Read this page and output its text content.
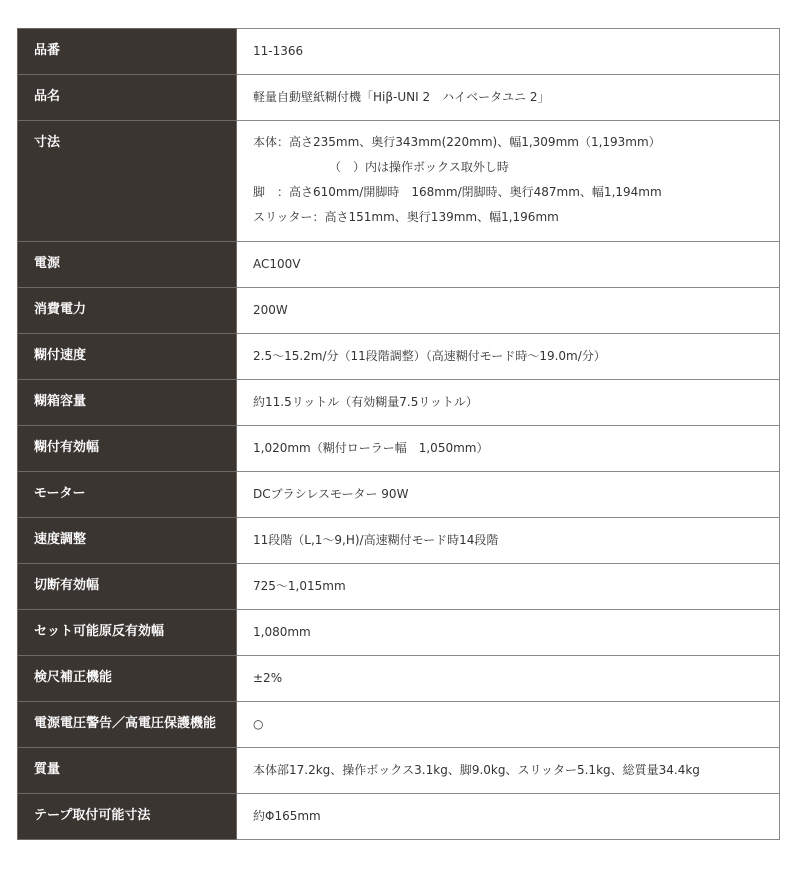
品番	11-1366

品名	軽量自動壁紙糊付機「Hiβ-UNI 2　ハイベータユニ 2」

寸法	本体：高さ235mm、奥行343mm(220mm)、幅1,309mm（1,193mm）
（　）内は操作ボックス取外し時
脚　：高さ610mm/開脚時　168mm/閉脚時、奥行487mm、幅1,194mm
スリッター：高さ151mm、奥行139mm、幅1,196mm

電源	AC100V

消費電力	200W

糊付速度	2.5〜15.2m/分（11段階調整）（高速糊付モード時〜19.0m/分）

糊箱容量	約11.5リットル（有効糊量7.5リットル）

糊付有効幅	1,020mm（糊付ローラー幅　1,050mm）

モーター	DCブラシレスモーター 90W

速度調整	11段階（L,1〜9,H)/高速糊付モード時14段階

切断有効幅	725〜1,015mm

セット可能原反有効幅	1,080mm

検尺補正機能	±2%

電源電圧警告／高電圧保護機能	○

質量	本体部17.2kg、操作ボックス3.1kg、脚9.0kg、スリッター5.1kg、総質量34.4kg

テープ取付可能寸法	約Φ165mm
